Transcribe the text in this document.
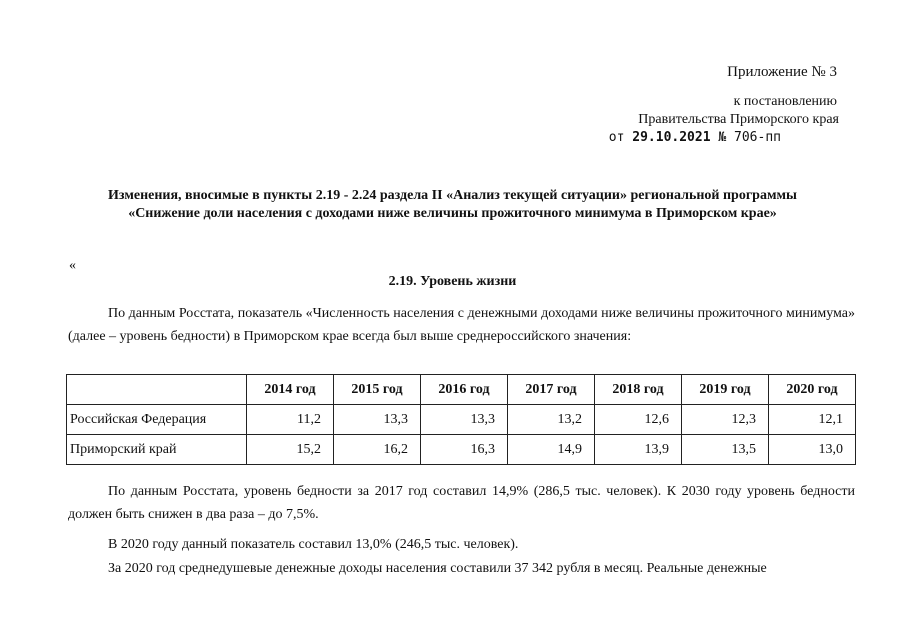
Приложение № 3
к постановлению
Правительства Приморского края
от 29.10.2021 № 706-пп
Изменения, вносимые в пункты 2.19 - 2.24 раздела II «Анализ текущей ситуации» региональной программы
«Снижение доли населения с доходами ниже величины прожиточного минимума в Приморском крае»
«
2.19. Уровень жизни
По данным Росстата, показатель «Численность населения с денежными доходами ниже величины прожиточного минимума» (далее – уровень бедности) в Приморском крае всегда был выше среднероссийского значения:
	2014 год	2015 год	2016 год	2017 год	2018 год	2019 год	2020 год
Российская Федерация	11,2	13,3	13,3	13,2	12,6	12,3	12,1
Приморский край	15,2	16,2	16,3	14,9	13,9	13,5	13,0
По данным Росстата, уровень бедности за 2017 год составил 14,9% (286,5 тыс. человек). К 2030 году уровень бедности должен быть снижен в два раза – до 7,5%.
В 2020 году данный показатель составил 13,0% (246,5 тыс. человек).
За 2020 год среднедушевые денежные доходы населения составили 37 342 рубля в месяц. Реальные денежные
